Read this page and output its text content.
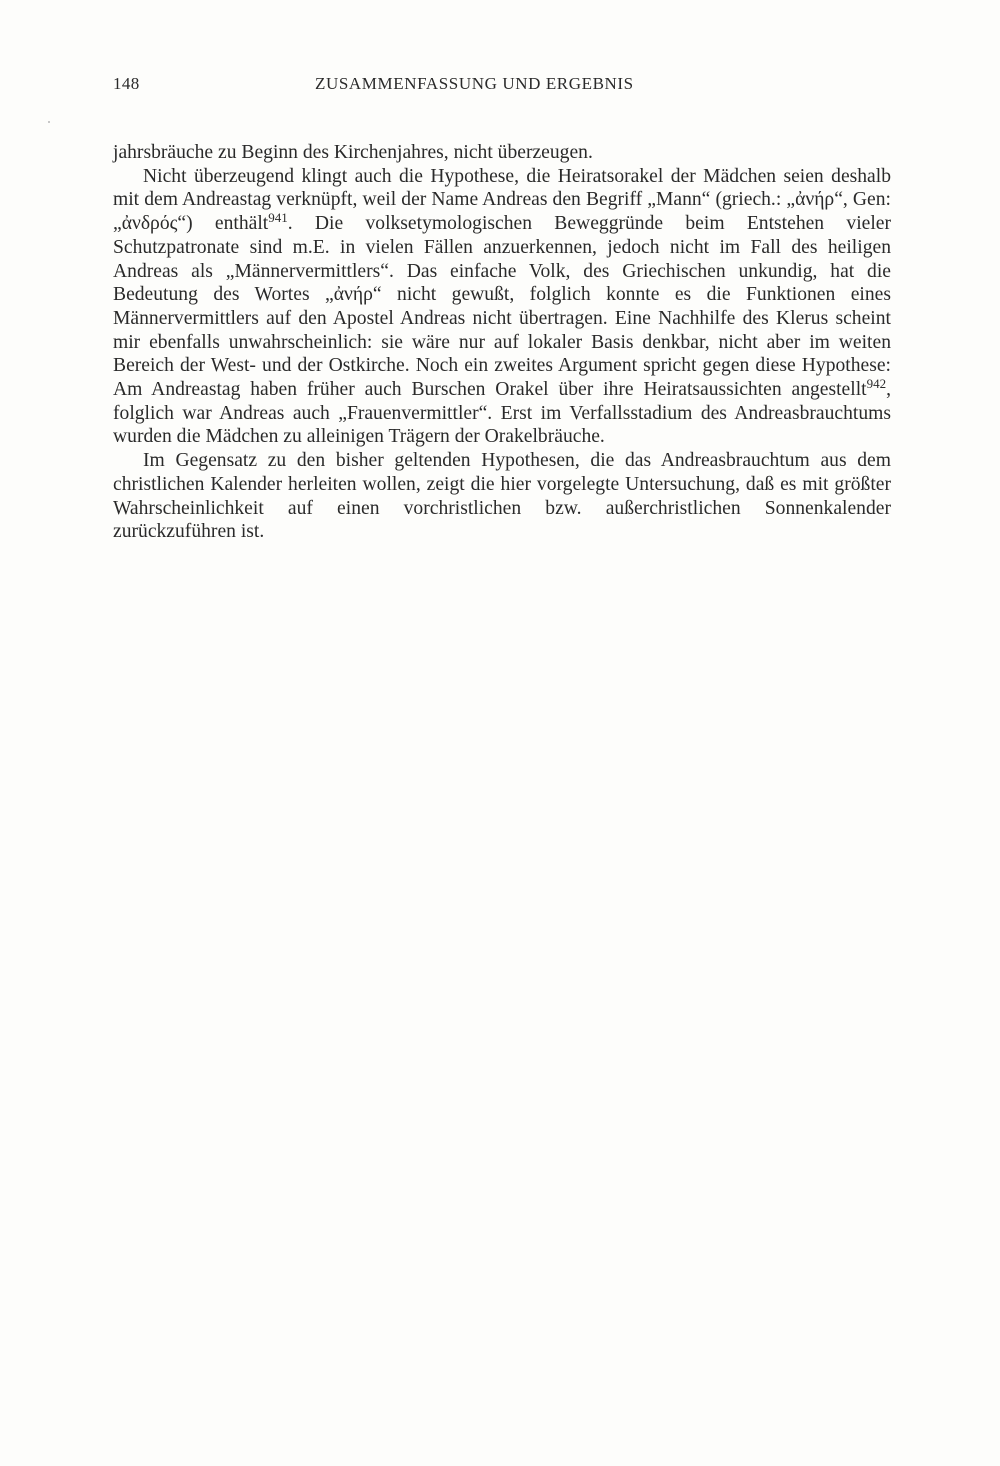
148	ZUSAMMENFASSUNG UND ERGEBNIS

jahrsbräuche zu Beginn des Kirchenjahres, nicht überzeugen.

Nicht überzeugend klingt auch die Hypothese, die Heiratsorakel der Mädchen seien deshalb mit dem Andreastag verknüpft, weil der Name Andreas den Begriff „Mann“ (griech.: „ἀνήρ“, Gen: „ἀνδρός“) enthält$^{941}$. Die volksetymologischen Beweggründe beim Entstehen vieler Schutzpatronate sind m.E. in vielen Fällen anzuerkennen, jedoch nicht im Fall des heiligen Andreas als „Männervermittlers“. Das einfache Volk, des Griechischen unkundig, hat die Bedeutung des Wortes „ἀνήρ“ nicht gewußt, folglich konnte es die Funktionen eines Männervermittlers auf den Apostel Andreas nicht übertragen. Eine Nachhilfe des Klerus scheint mir ebenfalls unwahrscheinlich: sie wäre nur auf lokaler Basis denkbar, nicht aber im weiten Bereich der West- und der Ostkirche. Noch ein zweites Argument spricht gegen diese Hypothese: Am Andreastag haben früher auch Burschen Orakel über ihre Heiratsaussichten angestellt$^{942}$, folglich war Andreas auch „Frauenvermittler“. Erst im Verfallsstadium des Andreasbrauchtums wurden die Mädchen zu alleinigen Trägern der Orakelbräuche.

Im Gegensatz zu den bisher geltenden Hypothesen, die das Andreasbrauchtum aus dem christlichen Kalender herleiten wollen, zeigt die hier vorgelegte Untersuchung, daß es mit größter Wahrscheinlichkeit auf einen vorchristlichen bzw. außerchristlichen Sonnenkalender zurückzuführen ist.
